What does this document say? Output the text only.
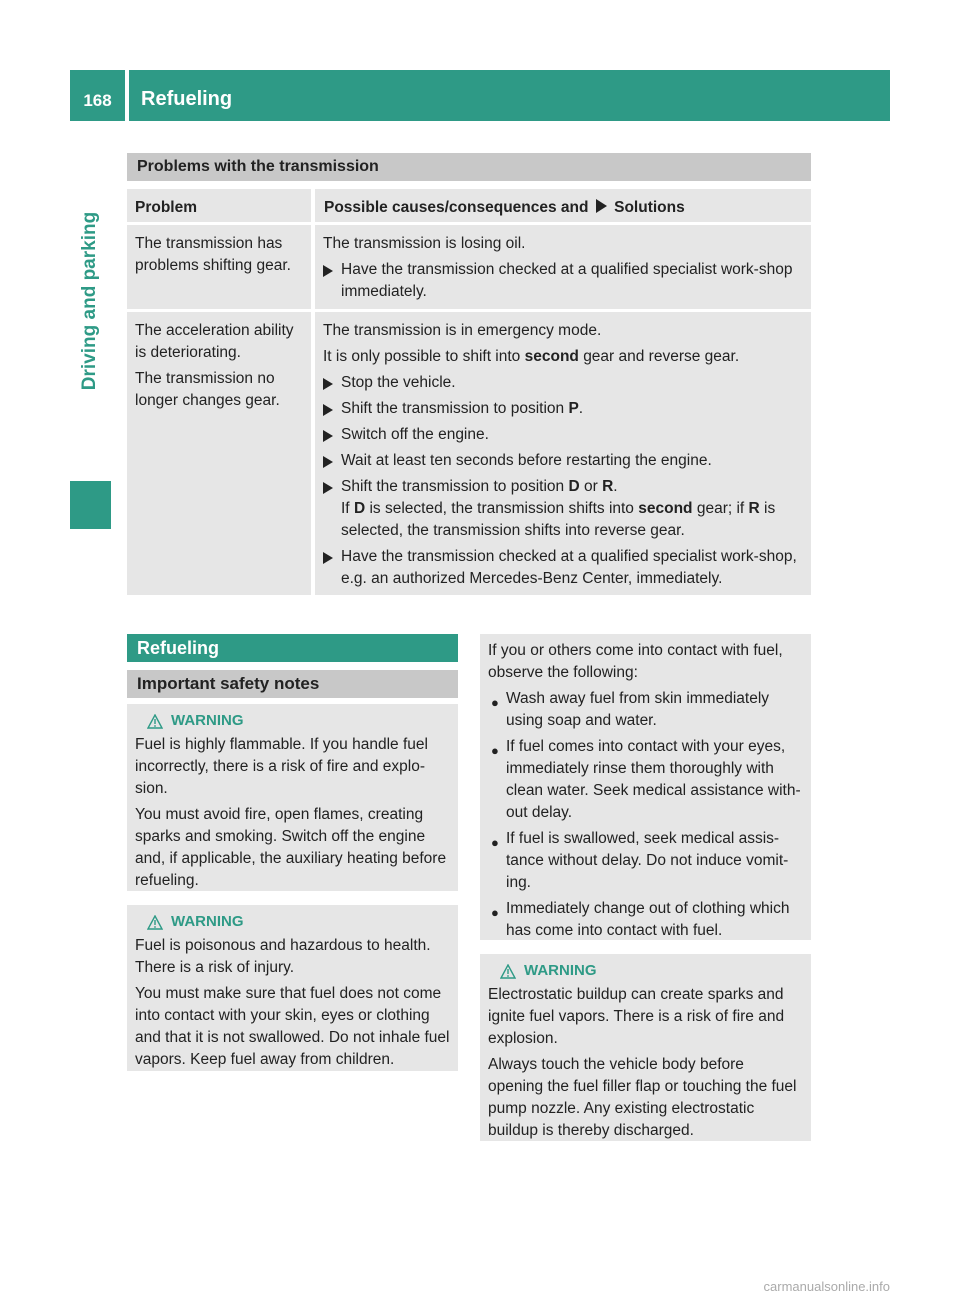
168	Refueling
Driving and parking
Problems with the transmission
Problem	Possible causes/consequences and Solutions
The transmission has problems shifting gear.

The transmission is losing oil.

Have the transmission checked at a qualified specialist work-shop immediately.

The acceleration ability is deteriorating.

The transmission no longer changes gear.

The transmission is in emergency mode.

It is only possible to shift into second gear and reverse gear.

Stop the vehicle.
Shift the transmission to position P.
Switch off the engine.
Wait at least ten seconds before restarting the engine.
Shift the transmission to position D or R.
If D is selected, the transmission shifts into second gear; if R is selected, the transmission shifts into reverse gear.
Have the transmission checked at a qualified specialist work-shop, e.g. an authorized Mercedes-Benz Center, immediately.
Refueling
Important safety notes
WARNING

Fuel is highly flammable. If you handle fuel incorrectly, there is a risk of fire and explo-sion.

You must avoid fire, open flames, creating sparks and smoking. Switch off the engine and, if applicable, the auxiliary heating before refueling.

WARNING

Fuel is poisonous and hazardous to health. There is a risk of injury.

You must make sure that fuel does not come into contact with your skin, eyes or clothing and that it is not swallowed. Do not inhale fuel vapors. Keep fuel away from children.

If you or others come into contact with fuel, observe the following:

● Wash away fuel from skin immediately using soap and water.
● If fuel comes into contact with your eyes, immediately rinse them thoroughly with clean water. Seek medical assistance with-out delay.
● If fuel is swallowed, seek medical assis-tance without delay. Do not induce vomit-ing.
● Immediately change out of clothing which has come into contact with fuel.
WARNING

Electrostatic buildup can create sparks and ignite fuel vapors. There is a risk of fire and explosion.

Always touch the vehicle body before opening the fuel filler flap or touching the fuel pump nozzle. Any existing electrostatic buildup is thereby discharged.

carmanualsonline.info
